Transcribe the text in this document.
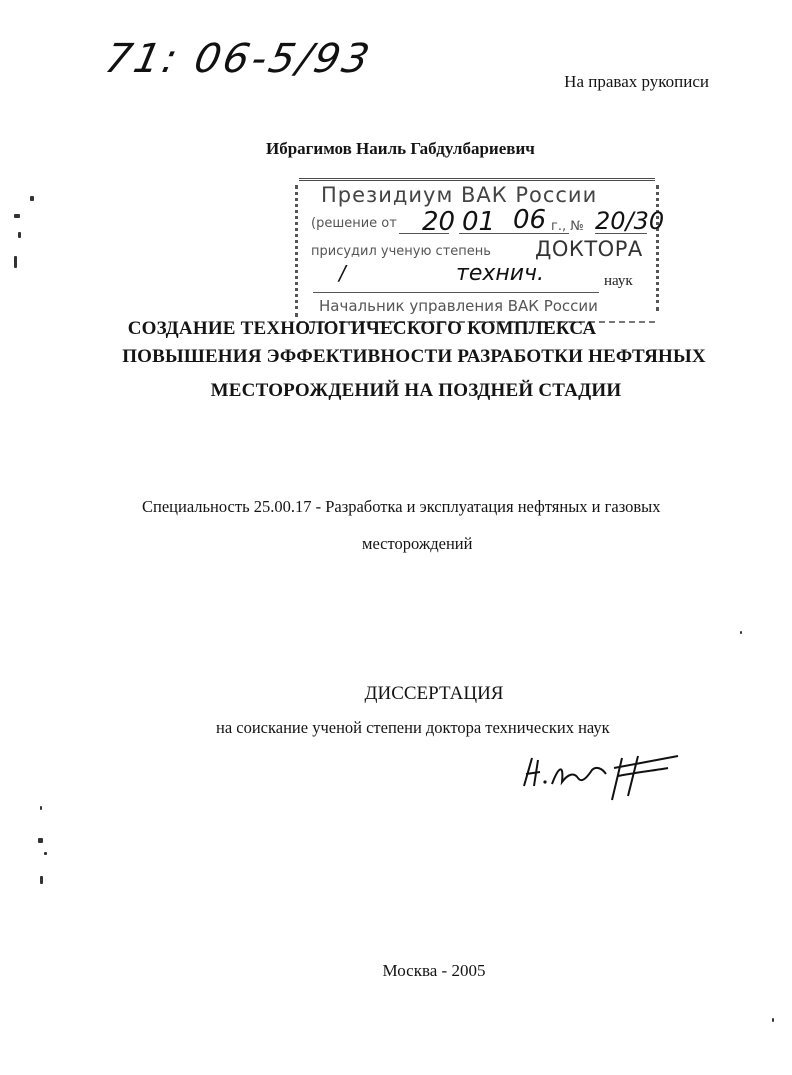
71: 06-5/93	На правах рукописи
Ибрагимов Наиль Габдулбариевич
Президиум ВАК России
(решение от 20 01 06 г., № 20/30
присудил ученую степень ДОКТОРА
/	технич.	наук
Начальник управления ВАК России
СОЗДАНИЕ ТЕХНОЛОГИЧЕСКОГО КОМПЛЕКСА
ПОВЫШЕНИЯ ЭФФЕКТИВНОСТИ РАЗРАБОТКИ НЕФТЯНЫХ
МЕСТОРОЖДЕНИЙ НА ПОЗДНЕЙ СТАДИИ
Специальность 25.00.17 - Разработка и эксплуатация нефтяных и газовых
месторождений
ДИССЕРТАЦИЯ
на соискание ученой степени доктора технических наук
Москва - 2005
